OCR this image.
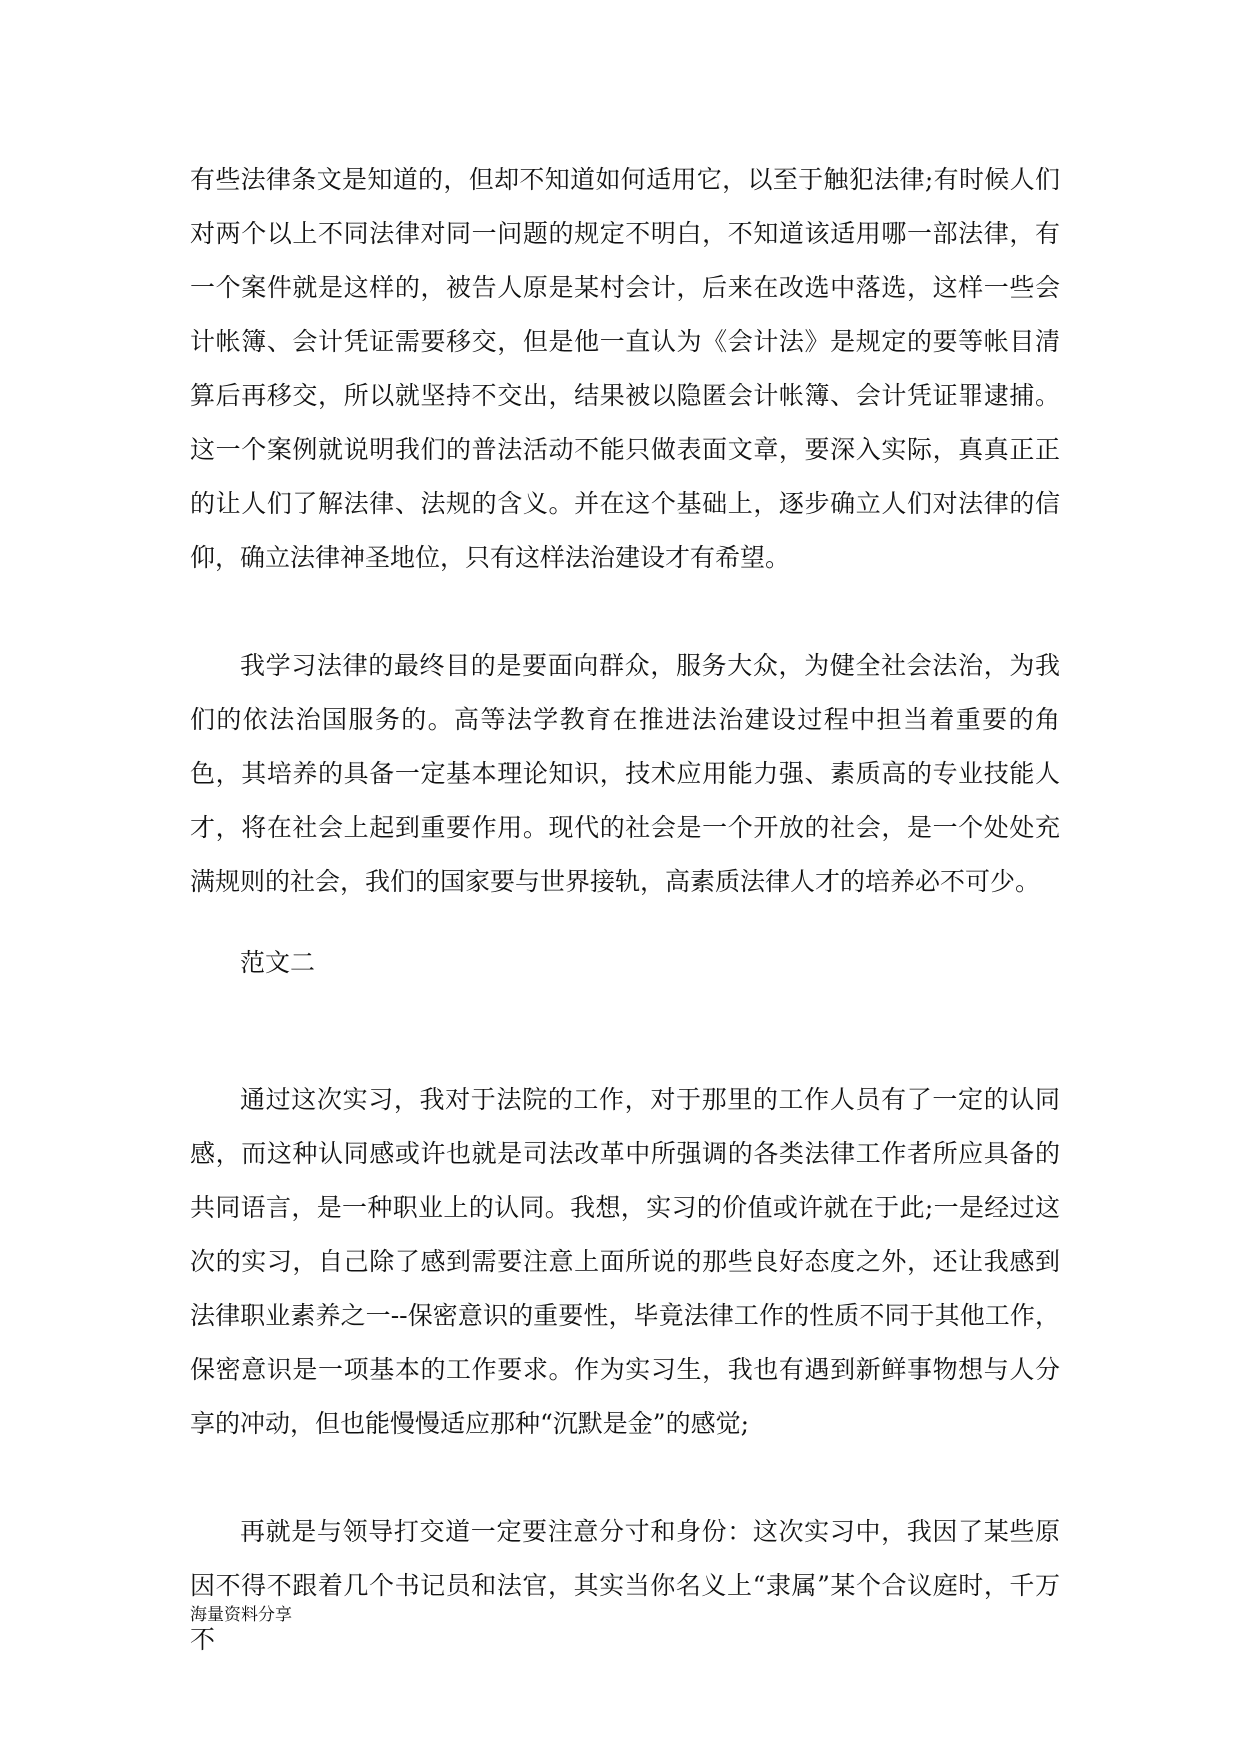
有些法律条文是知道的，但却不知道如何适用它，以至于触犯法律;有时候人们对两个以上不同法律对同一问题的规定不明白，不知道该适用哪一部法律，有一个案件就是这样的，被告人原是某村会计，后来在改选中落选，这样一些会计帐簿、会计凭证需要移交，但是他一直认为《会计法》是规定的要等帐目清算后再移交，所以就坚持不交出，结果被以隐匿会计帐簿、会计凭证罪逮捕。这一个案例就说明我们的普法活动不能只做表面文章，要深入实际，真真正正的让人们了解法律、法规的含义。并在这个基础上，逐步确立人们对法律的信仰，确立法律神圣地位，只有这样法治建设才有希望。

我学习法律的最终目的是要面向群众，服务大众，为健全社会法治，为我们的依法治国服务的。高等法学教育在推进法治建设过程中担当着重要的角色，其培养的具备一定基本理论知识，技术应用能力强、素质高的专业技能人才，将在社会上起到重要作用。现代的社会是一个开放的社会，是一个处处充满规则的社会，我们的国家要与世界接轨，高素质法律人才的培养必不可少。

范文二

通过这次实习，我对于法院的工作，对于那里的工作人员有了一定的认同感，而这种认同感或许也就是司法改革中所强调的各类法律工作者所应具备的共同语言，是一种职业上的认同。我想，实习的价值或许就在于此;一是经过这次的实习，自己除了感到需要注意上面所说的那些良好态度之外，还让我感到法律职业素养之一--保密意识的重要性，毕竟法律工作的性质不同于其他工作，保密意识是一项基本的工作要求。作为实习生，我也有遇到新鲜事物想与人分享的冲动，但也能慢慢适应那种“沉默是金”的感觉;

再就是与领导打交道一定要注意分寸和身份：这次实习中，我因了某些原因不得不跟着几个书记员和法官，其实当你名义上“隶属”某个合议庭时，千万不

海量资料分享
